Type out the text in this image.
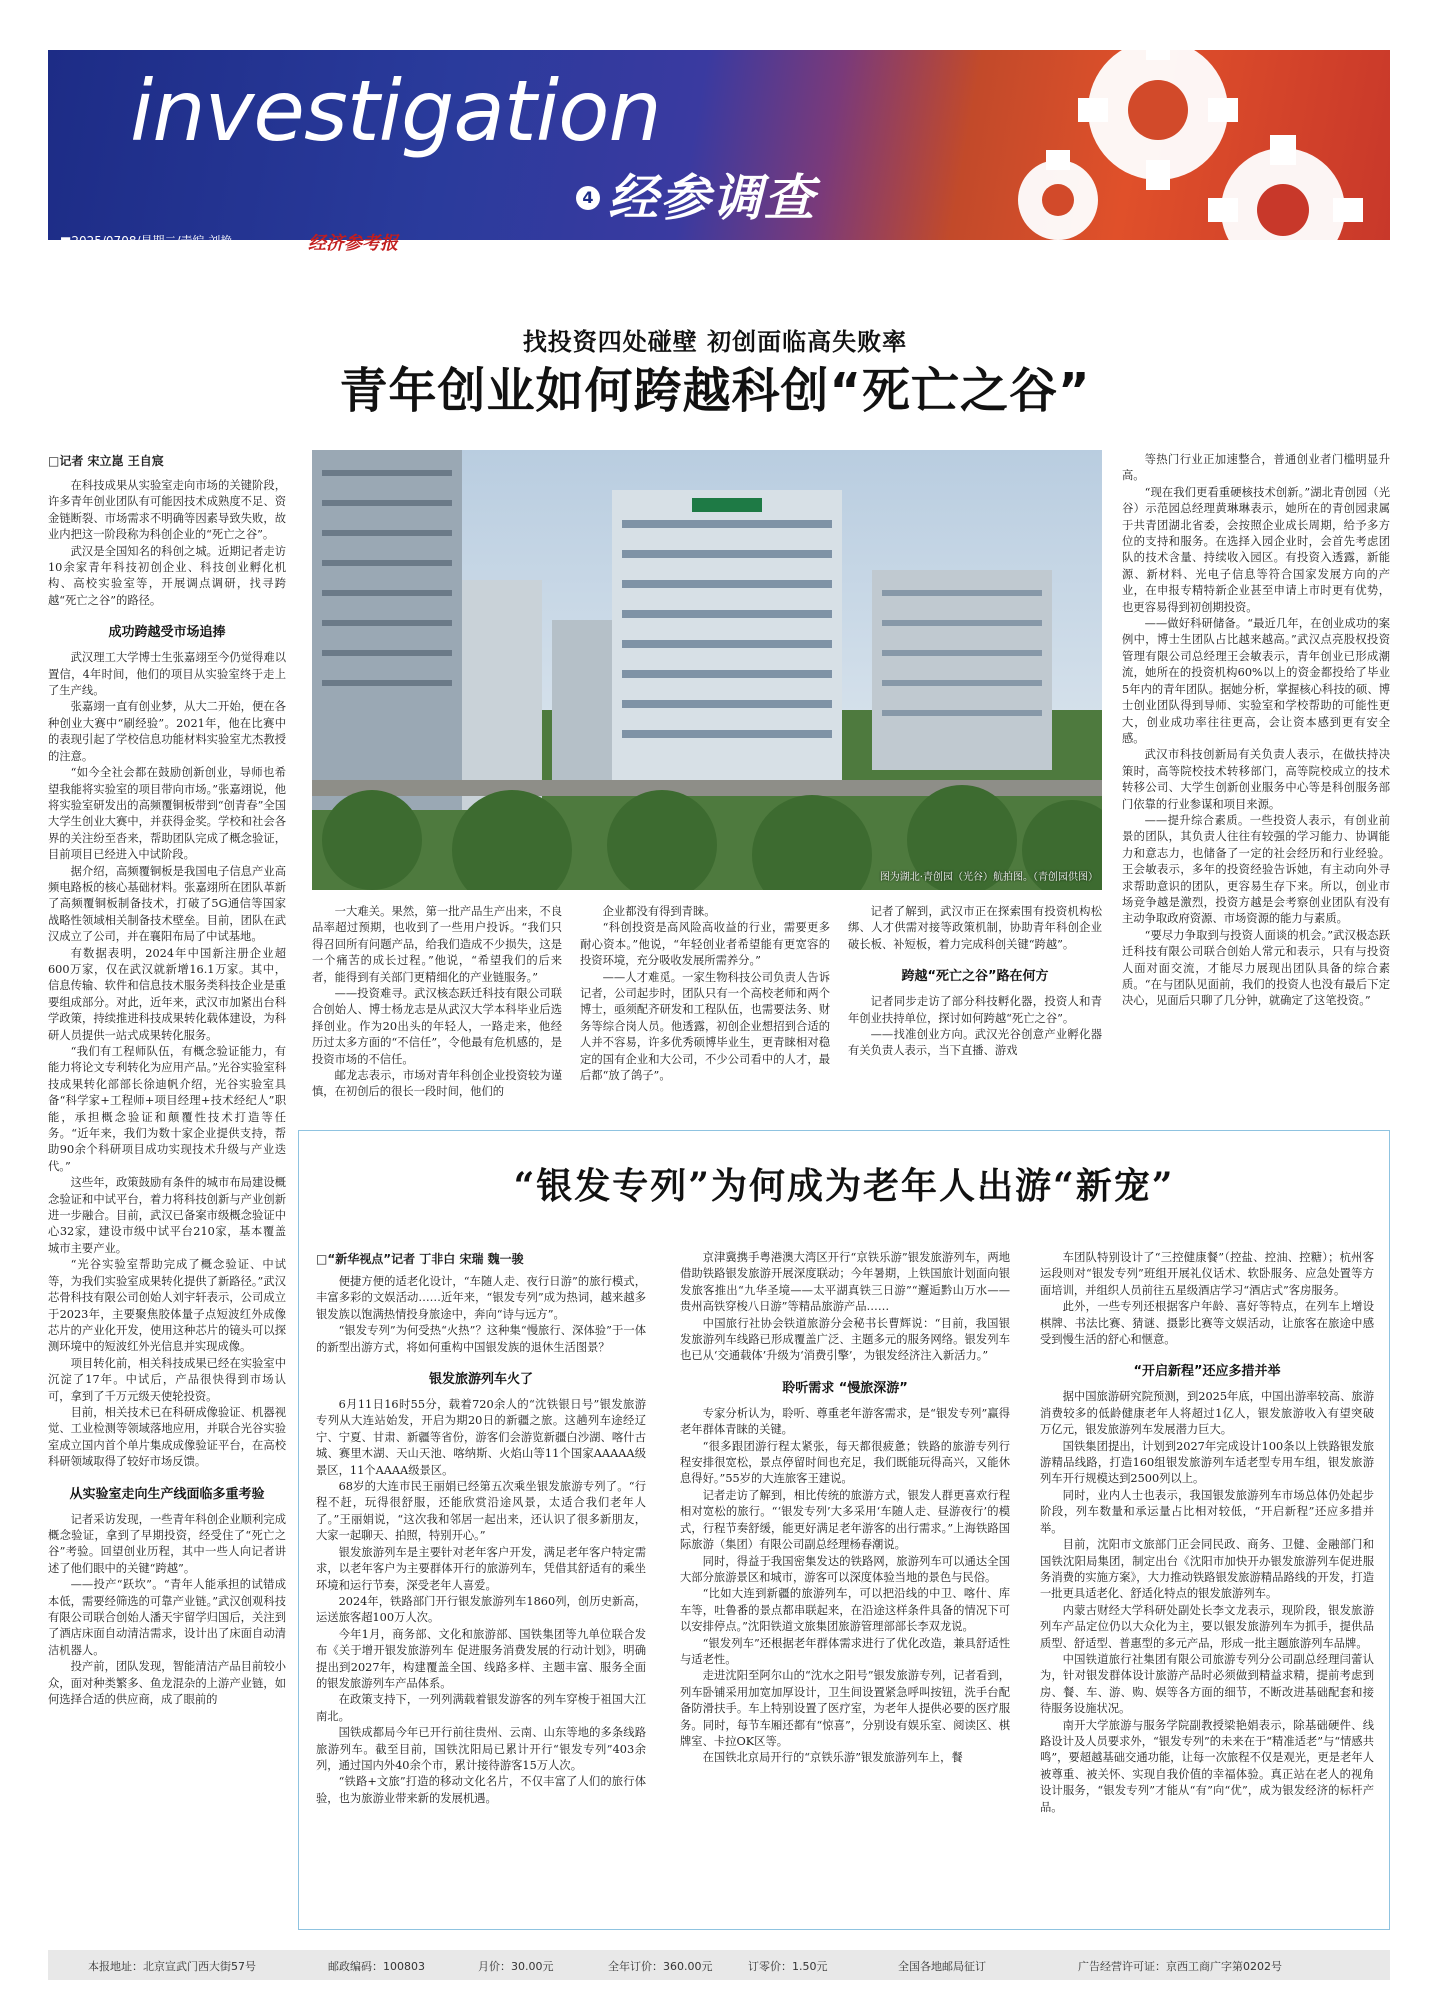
investigation
4 经参调查
■2025/0708/星期二/责编 刘艳	经济参考报
找投资四处碰壁 初创面临高失败率
青年创业如何跨越科创“死亡之谷”
□记者 宋立崑 王自宸

在科技成果从实验室走向市场的关键阶段，许多青年创业团队有可能因技术成熟度不足、资金链断裂、市场需求不明确等因素导致失败，故业内把这一阶段称为科创企业的“死亡之谷”。

武汉是全国知名的科创之城。近期记者走访10余家青年科技初创企业、科技创业孵化机构、高校实验室等，开展调点调研，找寻跨越“死亡之谷”的路径。

成功跨越受市场追捧

武汉理工大学博士生张嘉翊至今仍觉得难以置信，4年时间，他们的项目从实验室终于走上了生产线。

张嘉翊一直有创业梦，从大二开始，便在各种创业大赛中“刷经验”。2021年，他在比赛中的表现引起了学校信息功能材料实验室尤杰教授的注意。

“如今全社会都在鼓励创新创业，导师也希望我能将实验室的项目带向市场。”张嘉翊说，他将实验室研发出的高频覆铜板带到“创青春”全国大学生创业大赛中，并获得金奖。学校和社会各界的关注纷至沓来，帮助团队完成了概念验证，目前项目已经进入中试阶段。

据介绍，高频覆铜板是我国电子信息产业高频电路板的核心基础材料。张嘉翊所在团队革新了高频覆铜板制备技术，打破了5G通信等国家战略性领域相关制备技术壁垒。目前，团队在武汉成立了公司，并在襄阳布局了中试基地。

有数据表明，2024年中国新注册企业超600万家，仅在武汉就新增16.1万家。其中，信息传输、软件和信息技术服务类科技企业是重要组成部分。对此，近年来，武汉市加紧出台科学政策，持续推进科技成果转化载体建设，为科研人员提供一站式成果转化服务。

“我们有工程师队伍，有概念验证能力，有能力将论文专利转化为应用产品。”光谷实验室科技成果转化部部长徐迪帆介绍，光谷实验室具备“科学家+工程师+项目经理+技术经纪人”职能，承担概念验证和颠覆性技术打造等任务。“近年来，我们为数十家企业提供支持，帮助90余个科研项目成功实现技术升级与产业迭代。”

这些年，政策鼓励有条件的城市布局建设概念验证和中试平台，着力将科技创新与产业创新进一步融合。目前，武汉已备案市级概念验证中心32家，建设市级中试平台210家，基本覆盖城市主要产业。

“光谷实验室帮助完成了概念验证、中试等，为我们实验室成果转化提供了新路径。”武汉芯骨科技有限公司创始人刘宇轩表示，公司成立于2023年，主要聚焦胶体量子点短波红外成像芯片的产业化开发，使用这种芯片的镜头可以探测环境中的短波红外光信息并实现成像。

项目转化前，相关科技成果已经在实验室中沉淀了17年。中试后，产品很快得到市场认可，拿到了千万元级天使轮投资。

目前，相关技术已在科研成像验证、机器视觉、工业检测等领域落地应用，并联合光谷实验室成立国内首个单片集成成像验证平台，在高校科研领域取得了较好市场反馈。

从实验室走向生产线面临多重考验

记者采访发现，一些青年科创企业顺利完成概念验证，拿到了早期投资，经受住了“死亡之谷”考验。回望创业历程，其中一些人向记者讲述了他们眼中的关键“跨越”。

——投产“跃坎”。“青年人能承担的试错成本低，需要经筛选的可靠产业链。”武汉创观科技有限公司联合创始人潘天宇留学归国后，关注到了酒店床面自动清洁需求，设计出了床面自动清洁机器人。

投产前，团队发现，智能清洁产品目前较小众，面对种类繁多、鱼龙混杂的上游产业链，如何选择合适的供应商，成了眼前的

图为湖北·青创园（光谷）航拍图。（青创园供图）

一大难关。果然，第一批产品生产出来，不良品率超过预期，也收到了一些用户投诉。“我们只得召回所有问题产品，给我们造成不少损失，这是一个痛苦的成长过程。”他说，“希望我们的后来者，能得到有关部门更精细化的产业链服务。”

——投资难寻。武汉核态跃迁科技有限公司联合创始人、博士杨龙志是从武汉大学本科毕业后选择创业。作为20出头的年轻人，一路走来，他经历过太多方面的“不信任”，令他最有危机感的，是投资市场的不信任。

邮龙志表示，市场对青年科创企业投资较为谨慎，在初创后的很长一段时间，他们的

企业都没有得到青睐。

“科创投资是高风险高收益的行业，需要更多耐心资本。”他说，“年轻创业者希望能有更宽容的投资环境，充分吸收发展所需养分。”

——人才难觅。一家生物科技公司负责人告诉记者，公司起步时，团队只有一个高校老师和两个博士，亟须配齐研发和工程队伍，也需要法务、财务等综合岗人员。他透露，初创企业想招到合适的人并不容易，许多优秀硕博毕业生，更青睐相对稳定的国有企业和大公司，不少公司看中的人才，最后都“放了鸽子”。

记者了解到，武汉市正在探索围有投资机构松绑、人才供需对接等政策机制，协助青年科创企业破长板、补短板，着力完成科创关键“跨越”。

跨越“死亡之谷”路在何方

记者同步走访了部分科技孵化器，投资人和青年创业扶持单位，探讨如何跨越“死亡之谷”。

——找准创业方向。武汉光谷创意产业孵化器有关负责人表示，当下直播、游戏

等热门行业正加速整合，普通创业者门槛明显升高。

“现在我们更看重硬核技术创新。”湖北青创园（光谷）示范园总经理黄琳琳表示，她所在的青创园隶属于共青团湖北省委，会按照企业成长周期，给予多方位的支持和服务。在选择入园企业时，会首先考虑团队的技术含量、持续收入园区。有投资入透露，新能源、新材料、光电子信息等符合国家发展方向的产业，在申报专精特新企业甚至申请上市时更有优势，也更容易得到初创期投资。

——做好科研储备。“最近几年，在创业成功的案例中，博士生团队占比越来越高。”武汉点亮股权投资管理有限公司总经理王会敏表示，青年创业已形成潮流，她所在的投资机构60%以上的资金都投给了毕业5年内的青年团队。据她分析，掌握核心科技的硕、博士创业团队得到导师、实验室和学校帮助的可能性更大，创业成功率往往更高，会让资本感到更有安全感。

武汉市科技创新局有关负责人表示，在做扶持决策时，高等院校技术转移部门，高等院校成立的技术转移公司、大学生创新创业服务中心等是科创服务部门依靠的行业参谋和项目来源。

——提升综合素质。一些投资人表示，有创业前景的团队，其负责人往往有较强的学习能力、协调能力和意志力，也储备了一定的社会经历和行业经验。王会敏表示，多年的投资经验告诉她，有主动向外寻求帮助意识的团队，更容易生存下来。所以，创业市场竞争越是激烈，投资方越是会考察创业团队有没有主动争取政府资源、市场资源的能力与素质。

“要尽力争取到与投资人面谈的机会。”武汉极态跃迁科技有限公司联合创始人常元和表示，只有与投资人面对面交流，才能尽力展现出团队具备的综合素质。“在与团队见面前，我们的投资人也没有最后下定决心，见面后只聊了几分钟，就确定了这笔投资。”

“银发专列”为何成为老年人出游“新宠”
□“新华视点”记者 丁非白 宋瑞 魏一骏

便捷方便的适老化设计，“车随人走、夜行日游”的旅行模式，丰富多彩的文娱活动……近年来，“银发专列”成为热词，越来越多银发族以饱满热情投身旅途中，奔向“诗与远方”。

“银发专列”为何受热“火热”？这种集“慢旅行、深体验”于一体的新型出游方式，将如何重构中国银发族的退休生活图景？

银发旅游列车火了

6月11日16时55分，载着720余人的“沈铁银日号”银发旅游专列从大连站始发，开启为期20日的新疆之旅。这趟列车途经辽宁、宁夏、甘肃、新疆等省份，游客们会游览新疆白沙湖、喀什古城、赛里木湖、天山天池、喀纳斯、火焰山等11个国家AAAAA级景区，11个AAAA级景区。

68岁的大连市民王丽娟已经第五次乘坐银发旅游专列了。“行程不赶，玩得很舒服，还能欣赏沿途风景，太适合我们老年人了。”王丽娟说，“这次我和邻居一起出来，还认识了很多新朋友，大家一起聊天、拍照，特别开心。”

银发旅游列车是主要针对老年客户开发，满足老年客户特定需求，以老年客户为主要群体开行的旅游列车，凭借其舒适有的乘坐环境和运行节奏，深受老年人喜爱。

2024年，铁路部门开行银发旅游列车1860列，创历史新高，运送旅客超100万人次。

今年1月，商务部、文化和旅游部、国铁集团等九单位联合发布《关于增开银发旅游列车 促进服务消费发展的行动计划》，明确提出到2027年，构建覆盖全国、线路多样、主题丰富、服务全面的银发旅游列车产品体系。

在政策支持下，一列列满载着银发游客的列车穿梭于祖国大江南北。

国铁成都局今年已开行前往贵州、云南、山东等地的多条线路旅游列车。截至目前，国铁沈阳局已累计开行“银发专列”403余列，通过国内外40余个市，累计接待游客15万人次。

“铁路+文旅”打造的移动文化名片，不仅丰富了人们的旅行体验，也为旅游业带来新的发展机遇。

京津冀携手粤港澳大湾区开行“京铁乐游”银发旅游列车，两地借助铁路银发旅游开展深度联动；今年暑期，上铁国旅计划面向银发旅客推出“九华圣境——太平湖真铁三日游”“邂逅黔山万水——贵州高铁穿梭八日游”等精品旅游产品……

中国旅行社协会铁道旅游分会秘书长曹辉说：“目前，我国银发旅游列车线路已形成覆盖广泛、主题多元的服务网络。银发列车也已从‘交通载体’升级为‘消费引擎’，为银发经济注入新活力。”

聆听需求 “慢旅深游”

专家分析认为，聆听、尊重老年游客需求，是“银发专列”赢得老年群体青睐的关键。

“很多跟团游行程太紧张，每天都很疲惫；铁路的旅游专列行程安排很宽松，景点停留时间也充足，我们既能玩得高兴，又能休息得好。”55岁的大连旅客王建说。

记者走访了解到，相比传统的旅游方式，银发人群更喜欢行程相对宽松的旅行。“‘银发专列’大多采用‘车随人走、昼游夜行’的模式，行程节奏舒缓，能更好满足老年游客的出行需求。”上海铁路国际旅游（集团）有限公司副总经理杨春潮说。

同时，得益于我国密集发达的铁路网，旅游列车可以通达全国大部分旅游景区和城市，游客可以深度体验当地的景色与民俗。

“比如大连到新疆的旅游列车，可以把沿线的中卫、喀什、库车等，吐鲁番的景点都串联起来，在沿途这样条件具备的情况下可以安排停点。”沈阳铁道文旅集团旅游管理部部长李双龙说。

“银发列车”还根据老年群体需求进行了优化改造，兼具舒适性与适老性。

走进沈阳至阿尔山的“沈水之阳号”银发旅游专列，记者看到，列车卧铺采用加宽加厚设计，卫生间设置紧急呼叫按钮，洗手台配备防滑扶手。车上特别设置了医疗室，为老年人提供必要的医疗服务。同时，每节车厢还都有“惊喜”，分别设有娱乐室、阅读区、棋牌室、卡拉OK区等。

在国铁北京局开行的“京铁乐游”银发旅游列车上，餐

车团队特别设计了“三控健康餐”（控盐、控油、控糖）；杭州客运段则对“银发专列”班组开展礼仪话术、软卧服务、应急处置等方面培训，并组织人员前往五星级酒店学习“酒店式”客房服务。

此外，一些专列还根据客户年龄、喜好等特点，在列车上增设棋牌、书法比赛、猜谜、摄影比赛等文娱活动，让旅客在旅途中感受到慢生活的舒心和惬意。

“开启新程”还应多措并举

据中国旅游研究院预测，到2025年底，中国出游率较高、旅游消费较多的低龄健康老年人将超过1亿人，银发旅游收入有望突破万亿元，银发旅游列车发展潜力巨大。

国铁集团提出，计划到2027年完成设计100条以上铁路银发旅游精品线路，打造160组银发旅游列车适老型专用车组，银发旅游列车开行规模达到2500列以上。

同时，业内人士也表示，我国银发旅游列车市场总体仍处起步阶段，列车数量和承运量占比相对较低，“开启新程”还应多措并举。

目前，沈阳市文旅部门正会同民政、商务、卫健、金融部门和国铁沈阳局集团，制定出台《沈阳市加快开办银发旅游列车促进服务消费的实施方案》，大力推动铁路银发旅游精品路线的开发，打造一批更具适老化、舒适化特点的银发旅游列车。

内蒙古财经大学科研处副处长李文龙表示，现阶段，银发旅游列车产品定位仍以大众化为主，要以银发旅游列车为抓手，提供品质型、舒适型、普惠型的多元产品，形成一批主题旅游列车品牌。

中国铁道旅行社集团有限公司旅游专列分公司副总经理闫蕾认为，针对银发群体设计旅游产品时必须做到精益求精，提前考虑到房、餐、车、游、购、娱等各方面的细节，不断改进基础配套和接待服务设施状况。

南开大学旅游与服务学院副教授梁艳娟表示，除基础硬件、线路设计及人员要求外，“银发专列”的未来在于“精准适老”与“情感共鸣”，要超越基础交通功能，让每一次旅程不仅是观光，更是老年人被尊重、被关怀、实现自我价值的幸福体验。真正站在老人的视角设计服务，“银发专列”才能从“有”向“优”，成为银发经济的标杆产品。

本报地址：北京宣武门西大街57号	邮政编码：100803	月价：30.00元	全年订价：360.00元	订零价：1.50元	全国各地邮局征订	广告经营许可证：京西工商广字第0202号
